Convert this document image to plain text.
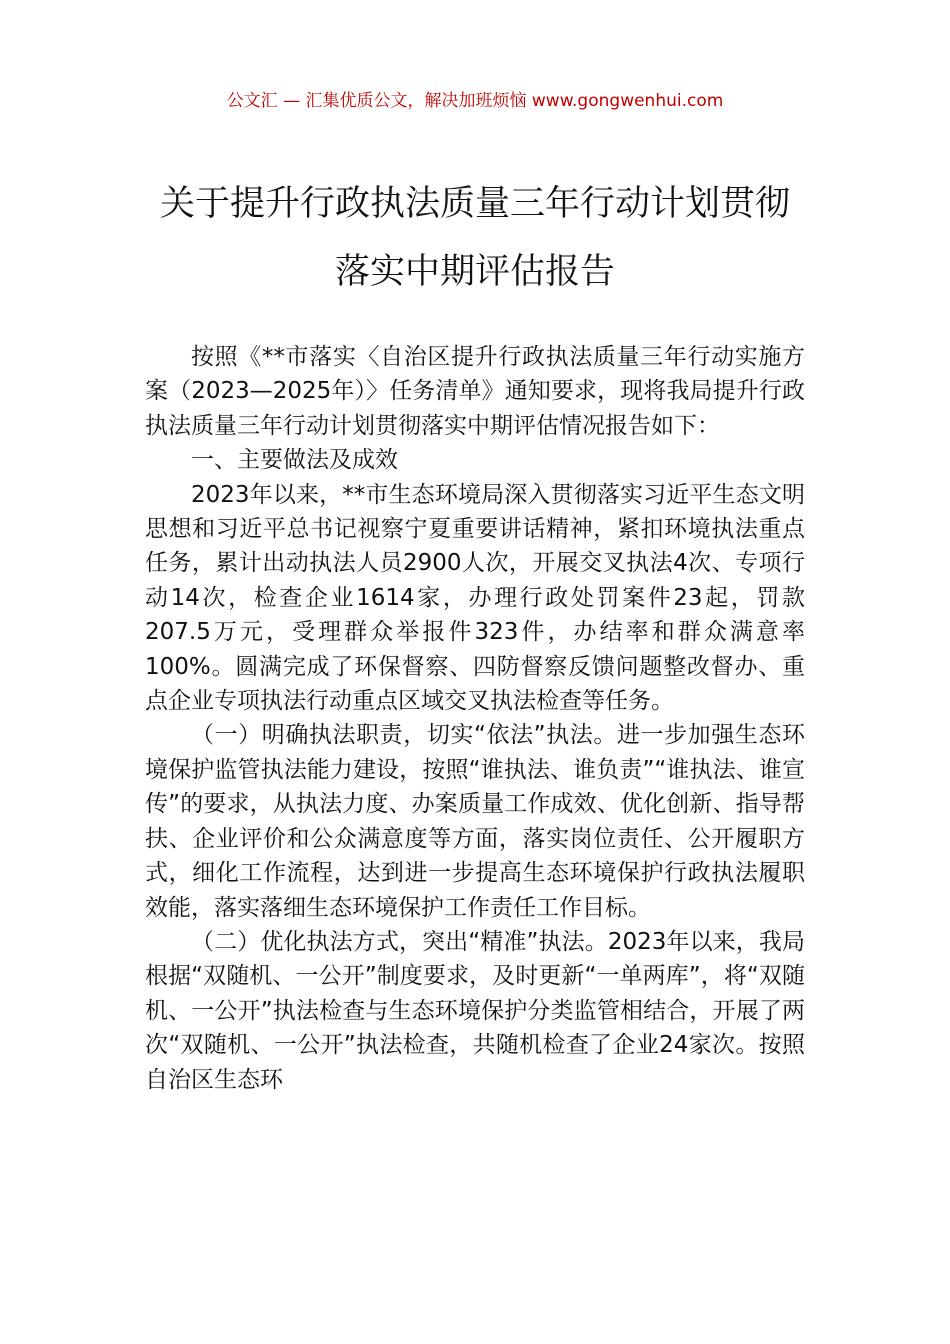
公文汇 — 汇集优质公文，解决加班烦恼 www.gongwenhui.com
关于提升行政执法质量三年行动计划贯彻
落实中期评估报告

按照《**市落实〈自治区提升行政执法质量三年行动实施方案（2023—2025年）〉任务清单》通知要求，现将我局提升行政执法质量三年行动计划贯彻落实中期评估情况报告如下：

一、主要做法及成效

2023年以来，**市生态环境局深入贯彻落实习近平生态文明思想和习近平总书记视察宁夏重要讲话精神，紧扣环境执法重点任务，累计出动执法人员2900人次，开展交叉执法4次、专项行动14次，检查企业1614家，办理行政处罚案件23起，罚款207.5万元，受理群众举报件323件，办结率和群众满意率100%。圆满完成了环保督察、四防督察反馈问题整改督办、重点企业专项执法行动重点区域交叉执法检查等任务。

（一）明确执法职责，切实“依法”执法。进一步加强生态环境保护监管执法能力建设，按照“谁执法、谁负责”“谁执法、谁宣传”的要求，从执法力度、办案质量工作成效、优化创新、指导帮扶、企业评价和公众满意度等方面，落实岗位责任、公开履职方式，细化工作流程，达到进一步提高生态环境保护行政执法履职效能，落实落细生态环境保护工作责任工作目标。

（二）优化执法方式，突出“精准”执法。2023年以来，我局根据“双随机、一公开”制度要求，及时更新“一单两库”，将“双随机、一公开”执法检查与生态环境保护分类监管相结合，开展了两次“双随机、一公开”执法检查，共随机检查了企业24家次。按照自治区生态环
